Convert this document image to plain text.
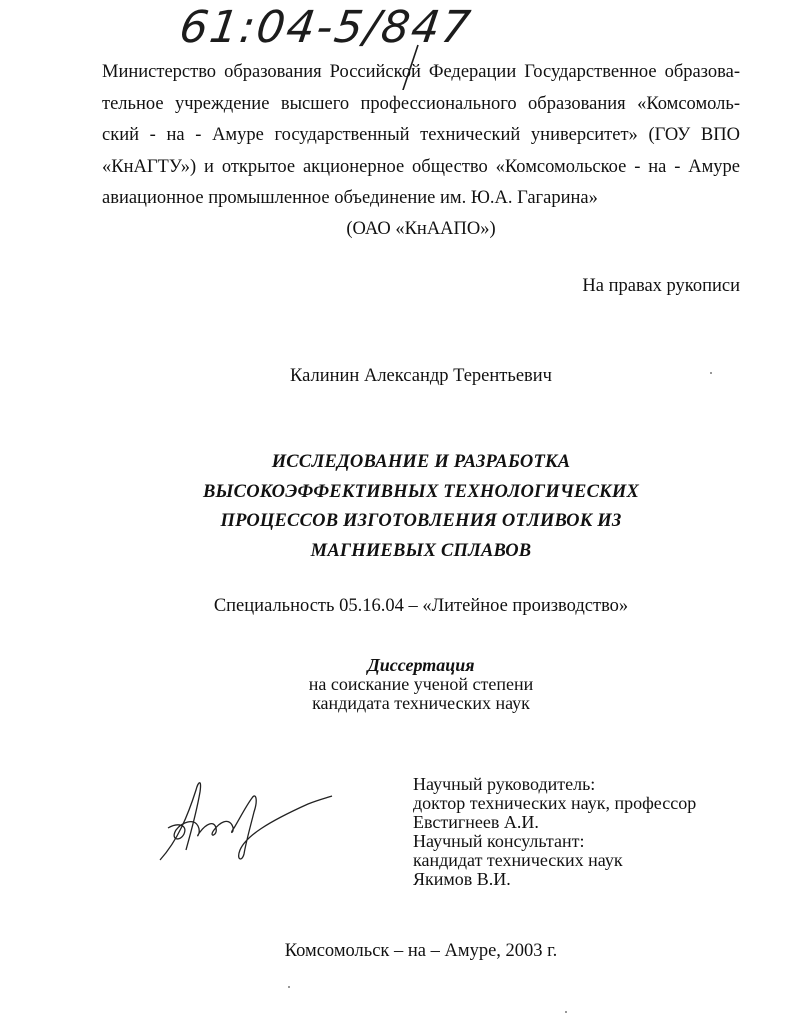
61:04-5/847
Министерство образования Российской Федерации Государственное образова-
тельное учреждение высшего профессионального образования «Комсомоль-
ский - на - Амуре государственный технический университет» (ГОУ ВПО
«КнАГТУ») и открытое акционерное общество «Комсомольское - на - Амуре
авиационное промышленное объединение им. Ю.А. Гагарина»
(ОАО «КнААПО»)
На правах рукописи
Калинин Александр Терентьевич
ИССЛЕДОВАНИЕ И РАЗРАБОТКА
ВЫСОКОЭФФЕКТИВНЫХ ТЕХНОЛОГИЧЕСКИХ
ПРОЦЕССОВ ИЗГОТОВЛЕНИЯ ОТЛИВОК ИЗ
МАГНИЕВЫХ СПЛАВОВ
Специальность 05.16.04 – «Литейное производство»
Диссертация
на соискание ученой степени
кандидата технических наук
Научный руководитель:
доктор технических наук, профессор
Евстигнеев А.И.
Научный консультант:
кандидат технических наук
Якимов В.И.
Комсомольск – на – Амуре, 2003 г.
